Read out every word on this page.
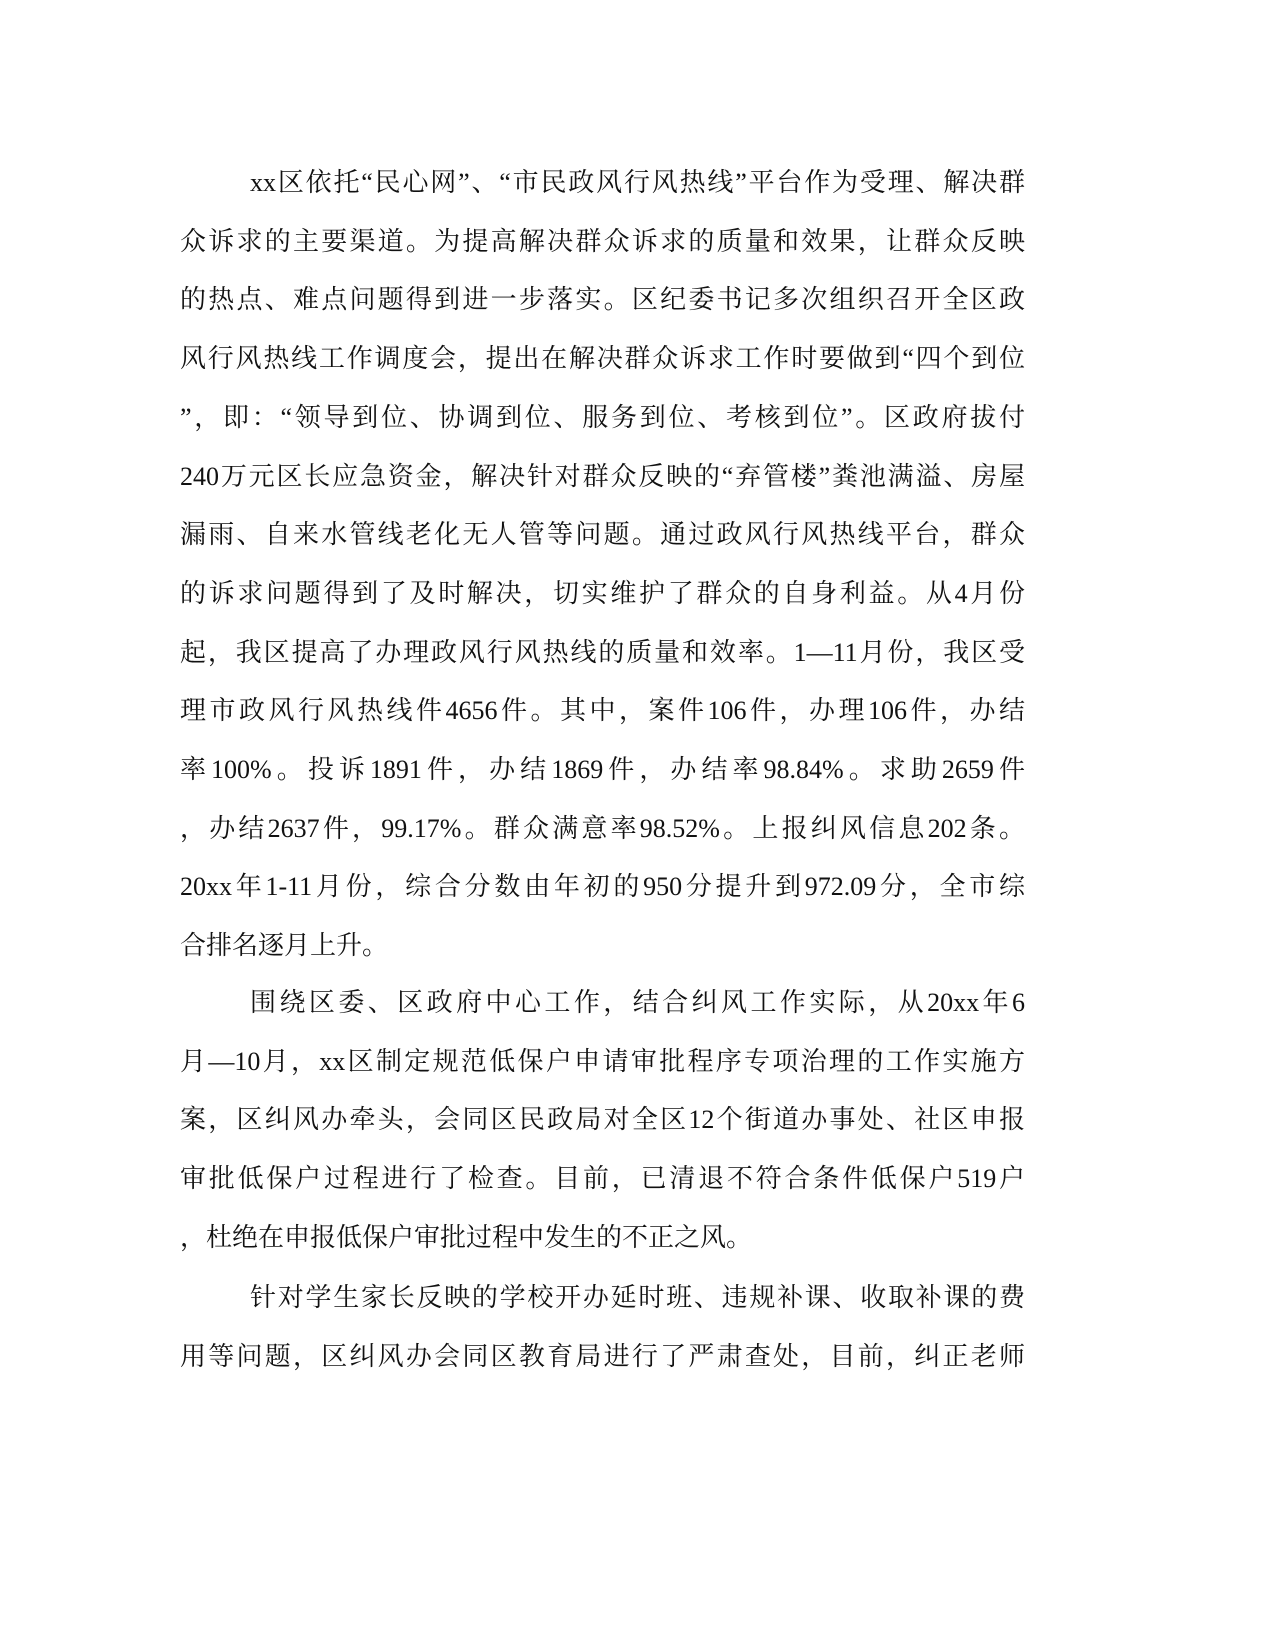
xx区依托“民心网”、“市民政风行风热线”平台作为受理、解决群
众诉求的主要渠道。为提高解决群众诉求的质量和效果，让群众反映
的热点、难点问题得到进一步落实。区纪委书记多次组织召开全区政
风行风热线工作调度会，提出在解决群众诉求工作时要做到“四个到位
”，即：“领导到位、协调到位、服务到位、考核到位”。区政府拔付
240万元区长应急资金，解决针对群众反映的“弃管楼”粪池满溢、房屋
漏雨、自来水管线老化无人管等问题。通过政风行风热线平台，群众
的诉求问题得到了及时解决，切实维护了群众的自身利益。从4月份
起，我区提高了办理政风行风热线的质量和效率。1—11月份，我区受
理市政风行风热线件4656件。其中，案件106件，办理106件，办结
率100%。投诉1891件，办结1869件，办结率98.84%。求助2659件
，办结2637件，99.17%。群众满意率98.52%。上报纠风信息202条。
20xx年1-11月份，综合分数由年初的950分提升到972.09分，全市综
合排名逐月上升。
围绕区委、区政府中心工作，结合纠风工作实际，从20xx年6
月—10月，xx区制定规范低保户申请审批程序专项治理的工作实施方
案，区纠风办牵头，会同区民政局对全区12个街道办事处、社区申报
审批低保户过程进行了检查。目前，已清退不符合条件低保户519户
，杜绝在申报低保户审批过程中发生的不正之风。
针对学生家长反映的学校开办延时班、违规补课、收取补课的费
用等问题，区纠风办会同区教育局进行了严肃查处，目前，纠正老师
